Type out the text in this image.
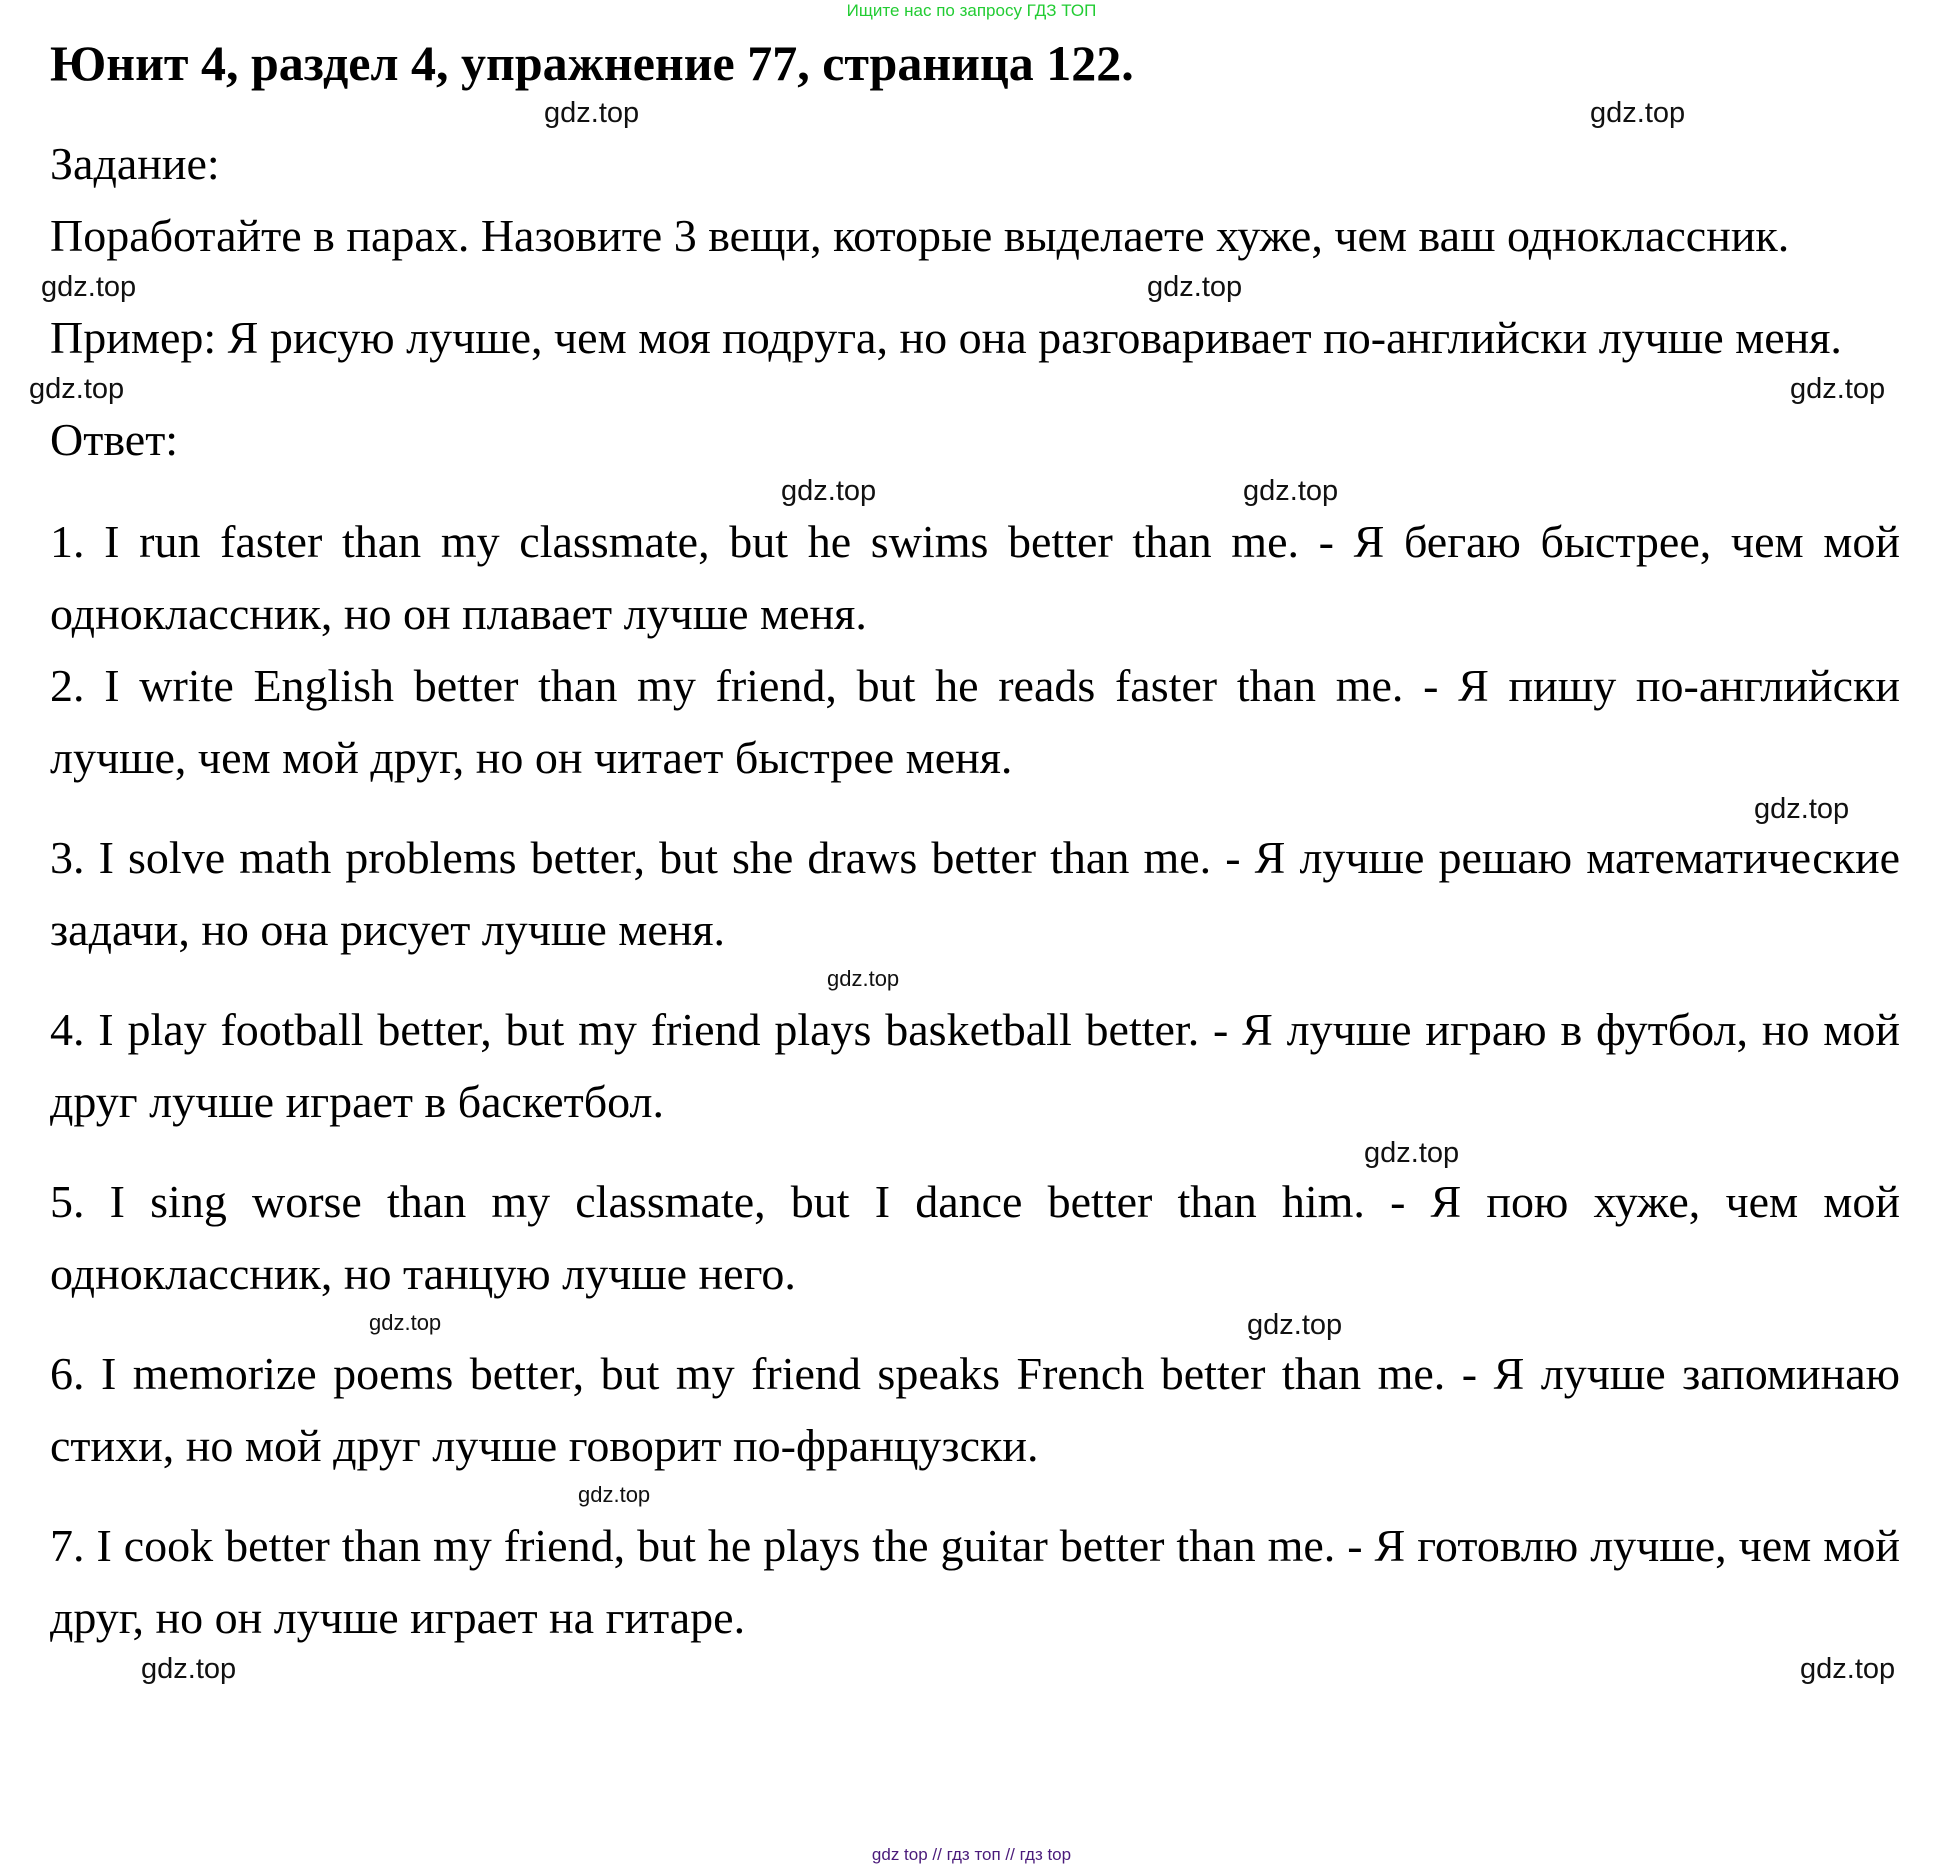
Ищите нас по запросу ГДЗ ТОП
Юнит 4, раздел 4, упражнение 77, страница 122.
gdz.top
gdz.top

Задание:

Поработайте в парах. Назовите 3 вещи, которые выделаете хуже, чем ваш одноклассник.

gdz.top
gdz.top

Пример: Я рисую лучше, чем моя подруга, но она разговаривает по-английски лучше меня.

gdz.top
gdz.top

Ответ:

gdz.top
gdz.top

1. I run faster than my classmate, but he swims better than me. - Я бегаю быстрее, чем мой одноклассник, но он плавает лучше меня.

2. I write English better than my friend, but he reads faster than me. - Я пишу по-английски лучше, чем мой друг, но он читает быстрее меня.

gdz.top

3. I solve math problems better, but she draws better than me. - Я лучше решаю математические задачи, но она рисует лучше меня.

gdz.top

4. I play football better, but my friend plays basketball better. - Я лучше играю в футбол, но мой друг лучше играет в баскетбол.

gdz.top

5. I sing worse than my classmate, but I dance better than him. - Я пою хуже, чем мой одноклассник, но танцую лучше него.

gdz.top	gdz.top

6. I memorize poems better, but my friend speaks French better than me. - Я лучше запоминаю стихи, но мой друг лучше говорит по-французски.

gdz.top

7. I cook better than my friend, but he plays the guitar better than me. - Я готовлю лучше, чем мой друг, но он лучше играет на гитаре.

gdz.top
gdz.top
gdz top // гдз топ // гдз top
